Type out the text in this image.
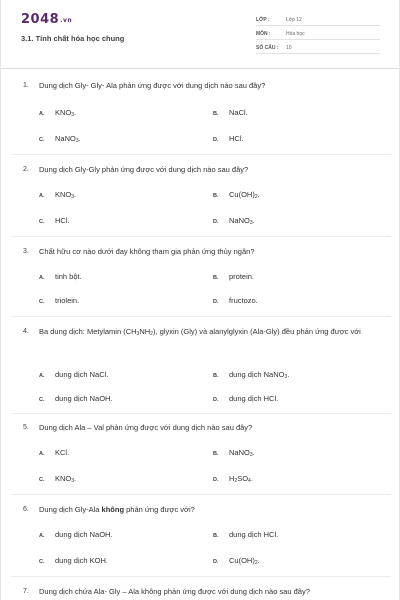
2048.vn
3.1. Tính chất hóa học chung
LỚP :	Lớp 12
MÔN :	Hóa học
SỐ CÂU : 10
1. Dung dịch Gly- Gly- Ala phản ứng được với dung dịch nào sau đây?
A. $KNO_3$.	B. NaCl.
C. NaNO$_3$.	D. HCl.
2. Dung dịch Gly-Gly phản ứng được với dung dịch nào sau đây?
A. $KNO_3$.	B. $Cu(OH)_2$.
C. HCl.	D. NaNO$_3$.
3. Chất hữu cơ nào dưới đay không tham gia phản ứng thủy ngân?
A. tinh bột.	B. protein.
C. triolein.	D. fructozo.
4. Ba dung dịch: Metylamin $(CH_3NH_2)$, glyxin (Gly) và alanylglyxin (Ala-Gly) đều phản ứng được với
A. dung dịch NaCl.	B. dung dịch NaNO$_3$.
C. dung dịch NaOH.	D. dung dịch HCl.
5. Dung dịch Ala – Val phản ứng được với dung dịch nào sau đây?
A. KCl.	B. NaNO$_3$.
C. $KNO_3$.	D. $H_2SO_4$.
6. Dung dịch Gly-Ala không phản ứng được với?
A. dung dịch NaOH.	B. dung dịch HCl.
C. dung dịch KOH.	D. $Cu(OH)_2$.
7. Dung dịch chứa Ala- Gly – Ala không phản ứng được với dung dịch nào sau đây?
